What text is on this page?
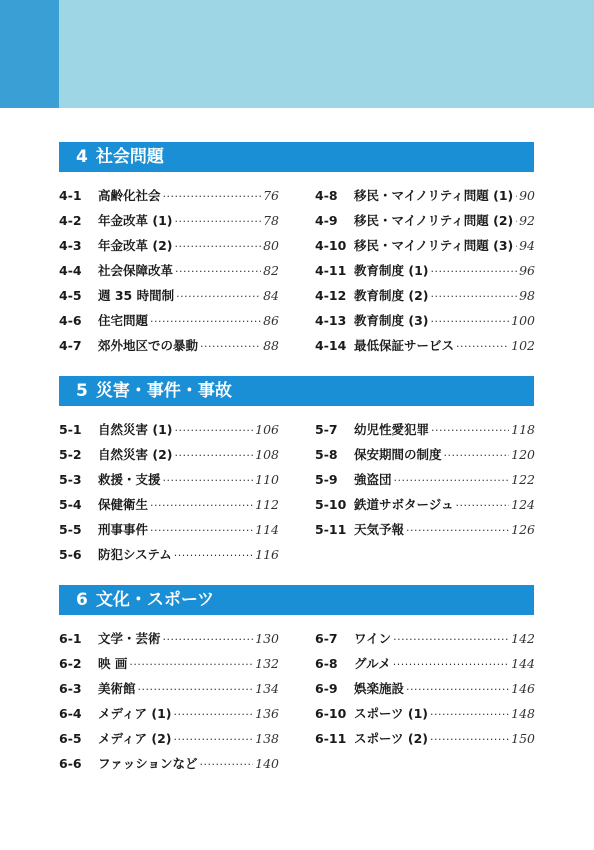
4 社会問題
4-1	高齢化社会 ·····	76
4-2	年金改革 (1) ·····	78
4-3	年金改革 (2) ·····	80
4-4	社会保障改革 ·····	82
4-5	週 35 時間制 ·····	84
4-6	住宅問題 ·····	86
4-7	郊外地区での暴動 ·····	88
4-8	移民・マイノリティ問題 (1) ····· 90
4-9	移民・マイノリティ問題 (2) ····· 92
4-10 移民・マイノリティ問題 (3) ····· 94
4-11 教育制度 (1) ·····	96
4-12 教育制度 (2) ·····	98
4-13 教育制度 (3) ·····	100
4-14 最低保証サービス ·····	102
5 災害・事件・事故
5-1	自然災害 (1) ·····	106
5-2	自然災害 (2) ·····	108
5-3	救援・支援 ·····	110
5-4	保健衛生 ·····	112
5-5	刑事事件 ·····	114
5-6	防犯システム ·····	116
5-7	幼児性愛犯罪 ·····	118
5-8	保安期間の制度 ·····	120
5-9	強盗団 ·····	122
5-10 鉄道サボタージュ ·····	124
5-11 天気予報 ·····	126
6 文化・スポーツ
6-1	文学・芸術 ·····	130
6-2	映 画 ·····	132
6-3	美術館 ·····	134
6-4	メディア (1) ·····	136
6-5	メディア (2) ·····	138
6-6	ファッションなど ·····	140
6-7	ワイン ·····	142
6-8	グルメ ·····	144
6-9	娯楽施設 ·····	146
6-10 スポーツ (1) ·····	148
6-11 スポーツ (2) ·····	150
